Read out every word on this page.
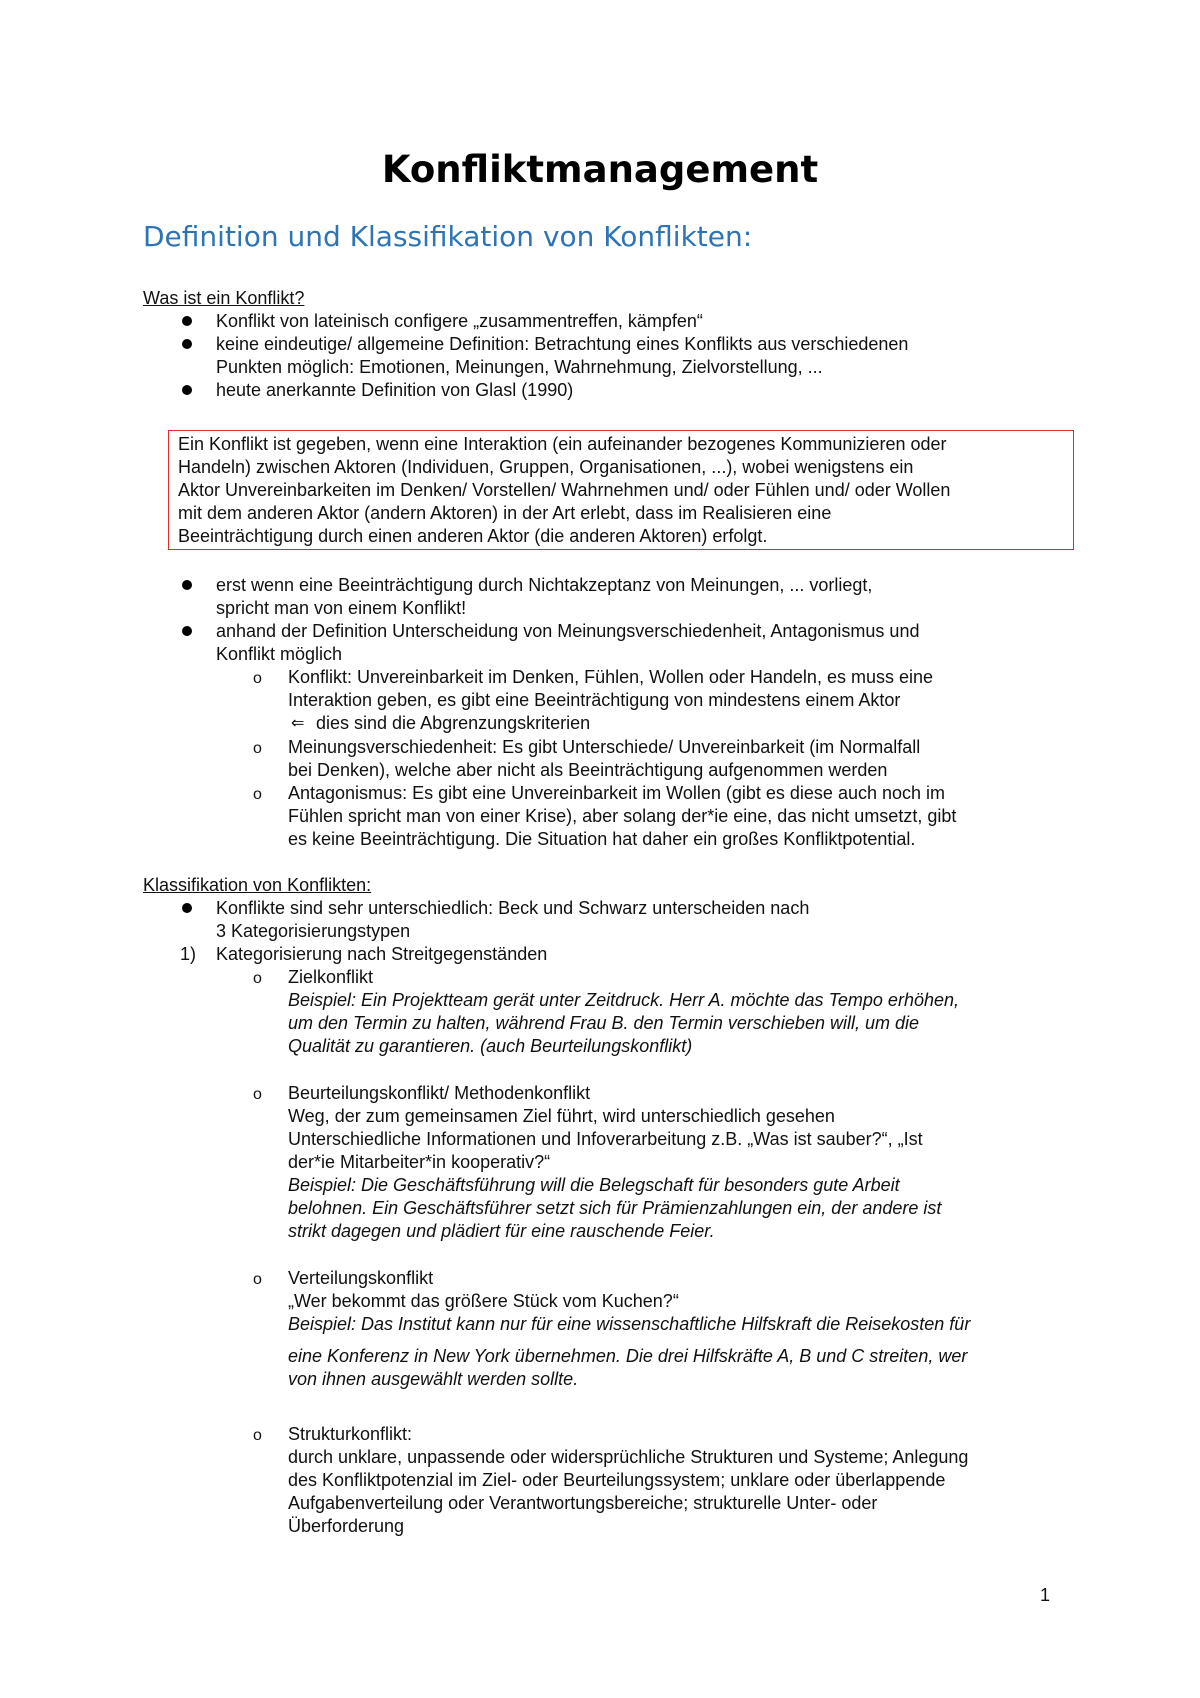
Konfliktmanagement
Definition und Klassifikation von Konflikten:
Was ist ein Konflikt?
Konflikt von lateinisch configere „zusammentreffen, kämpfen“
keine eindeutige/ allgemeine Definition: Betrachtung eines Konflikts aus verschiedenen
Punkten möglich: Emotionen, Meinungen, Wahrnehmung, Zielvorstellung, ...
heute anerkannte Definition von Glasl (1990)
Ein Konflikt ist gegeben, wenn eine Interaktion (ein aufeinander bezogenes Kommunizieren oder
Handeln) zwischen Aktoren (Individuen, Gruppen, Organisationen, ...), wobei wenigstens ein
Aktor Unvereinbarkeiten im Denken/ Vorstellen/ Wahrnehmen und/ oder Fühlen und/ oder Wollen
mit dem anderen Aktor (andern Aktoren) in der Art erlebt, dass im Realisieren eine
Beeinträchtigung durch einen anderen Aktor (die anderen Aktoren) erfolgt.
erst wenn eine Beeinträchtigung durch Nichtakzeptanz von Meinungen, ... vorliegt,
spricht man von einem Konflikt!
anhand der Definition Unterscheidung von Meinungsverschiedenheit, Antagonismus und
Konflikt möglich
o Konflikt: Unvereinbarkeit im Denken, Fühlen, Wollen oder Handeln, es muss eine
Interaktion geben, es gibt eine Beeinträchtigung von mindestens einem Aktor
⇐ dies sind die Abgrenzungskriterien
o Meinungsverschiedenheit: Es gibt Unterschiede/ Unvereinbarkeit (im Normalfall
bei Denken), welche aber nicht als Beeinträchtigung aufgenommen werden
o Antagonismus: Es gibt eine Unvereinbarkeit im Wollen (gibt es diese auch noch im
Fühlen spricht man von einer Krise), aber solang der*ie eine, das nicht umsetzt, gibt
es keine Beeinträchtigung. Die Situation hat daher ein großes Konfliktpotential.
Klassifikation von Konflikten:
Konflikte sind sehr unterschiedlich: Beck und Schwarz unterscheiden nach
3 Kategorisierungstypen
1) Kategorisierung nach Streitgegenständen
o Zielkonflikt
Beispiel: Ein Projektteam gerät unter Zeitdruck. Herr A. möchte das Tempo erhöhen,
um den Termin zu halten, während Frau B. den Termin verschieben will, um die
Qualität zu garantieren. (auch Beurteilungskonflikt)
o Beurteilungskonflikt/ Methodenkonflikt
Weg, der zum gemeinsamen Ziel führt, wird unterschiedlich gesehen
Unterschiedliche Informationen und Infoverarbeitung z.B. „Was ist sauber?“, „Ist
der*ie Mitarbeiter*in kooperativ?“
Beispiel: Die Geschäftsführung will die Belegschaft für besonders gute Arbeit
belohnen. Ein Geschäftsführer setzt sich für Prämienzahlungen ein, der andere ist
strikt dagegen und plädiert für eine rauschende Feier.
o Verteilungskonflikt
„Wer bekommt das größere Stück vom Kuchen?“
Beispiel: Das Institut kann nur für eine wissenschaftliche Hilfskraft die Reisekosten für
eine Konferenz in New York übernehmen. Die drei Hilfskräfte A, B und C streiten, wer
von ihnen ausgewählt werden sollte.
o Strukturkonflikt:
durch unklare, unpassende oder widersprüchliche Strukturen und Systeme; Anlegung
des Konfliktpotenzial im Ziel- oder Beurteilungssystem; unklare oder überlappende
Aufgabenverteilung oder Verantwortungsbereiche; strukturelle Unter- oder
Überforderung
1
